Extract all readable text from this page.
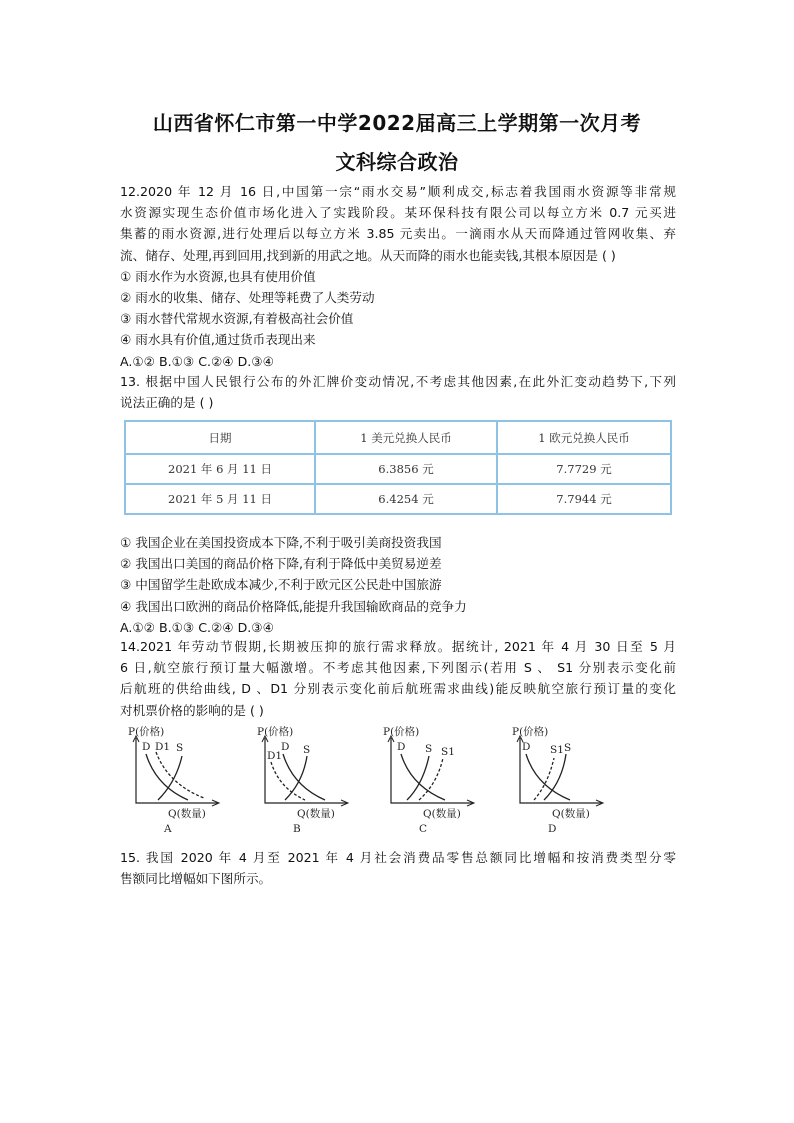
山西省怀仁市第一中学2022届高三上学期第一次月考
文科综合政治
12.2020 年 12 月 16 日,中国第一宗“雨水交易”顺利成交,标志着我国雨水资源等非常规
水资源实现生态价值市场化进入了实践阶段。某环保科技有限公司以每立方米 0.7 元买进
集蓄的雨水资源,进行处理后以每立方米 3.85 元卖出。一滴雨水从天而降通过管网收集、弃
流、储存、处理,再到回用,找到新的用武之地。从天而降的雨水也能卖钱,其根本原因是 ( )
① 雨水作为水资源,也具有使用价值
② 雨水的收集、储存、处理等耗费了人类劳动
③ 雨水替代常规水资源,有着极高社会价值
④ 雨水具有价值,通过货币表现出来
A.①② B.①③ C.②④ D.③④
13. 根据中国人民银行公布的外汇牌价变动情况,不考虑其他因素,在此外汇变动趋势下,下列
说法正确的是 ( )
日期	1 美元兑换人民币	1 欧元兑换人民币
2021 年 6 月 11 日	6.3856 元	7.7729 元
2021 年 5 月 11 日	6.4254 元	7.7944 元
① 我国企业在美国投资成本下降,不利于吸引美商投资我国
② 我国出口美国的商品价格下降,有利于降低中美贸易逆差
③ 中国留学生赴欧成本减少,不利于欧元区公民赴中国旅游
④ 我国出口欧洲的商品价格降低,能提升我国输欧商品的竞争力
A.①② B.①③ C.②④ D.③④
14.2021 年劳动节假期,长期被压抑的旅行需求释放。据统计, 2021 年 4 月 30 日至 5 月
6 日,航空旅行预订量大幅激增。不考虑其他因素,下列图示(若用 S 、 S1 分别表示变化前
后航班的供给曲线, D 、D1 分别表示变化前后航班需求曲线)能反映航空旅行预订量的变化
对机票价格的影响的是 ( )
P(价格)
D D1 S
Q(数量)
A
P(价格)
D1
D S
Q(数量)
B
P(价格)
D S S1
Q(数量)
C
P(价格)
D S1 S
Q(数量)
D
15. 我国 2020 年 4 月至 2021 年 4 月社会消费品零售总额同比增幅和按消费类型分零
售额同比增幅如下图所示。
